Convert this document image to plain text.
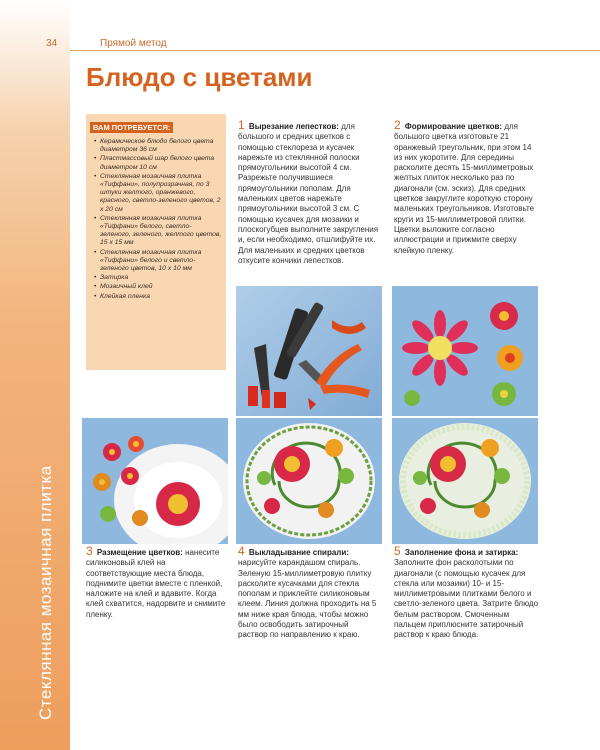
Стеклянная мозаичная плитка
34	Прямой метод
Блюдо с цветами
ВАМ ПОТРЕБУЕТСЯ:
• Керамическое блюдо белого цвета диаметром 36 см
• Пластмассовый шар белого цвета диаметром 10 см
• Стеклянная мозаичная плитка «Тиффани», полупрозрачная, по 3 штуки желтого, оранжевого, красного, светло-зеленого цветов, 2 x 20 см
• Стеклянная мозаичная плитка «Тиффани» белого, светло-зеленого, зеленого, желтого цветов, 15 x 15 мм
• Стеклянная мозаичная плитка «Тиффани» белого и светло-зеленого цветов, 10 x 10 мм
• Затирка
• Мозаичный клей
• Клейкая пленка
1 Вырезание лепестков: для большого и средних цветков с помощью стеклореза и кусачек нарежьте из стеклянной полоски прямоугольники высотой 4 см. Разрежьте получившиеся прямоугольники пополам. Для маленьких цветов нарежьте прямоугольники высотой 3 см. С помощью кусачек для мозаики и плоскогубцев выполните закругления и, если необходимо, отшлифуйте их. Для маленьких и средних цветков откусите кончики лепестков.
2 Формирование цветков: для большого цветка изготовьте 21 оранжевый треугольник, при этом 14 из них укоротите. Для середины расколите десять 15-миллиметровых желтых плиток несколько раз по диагонали (см. эскиз). Для средних цветков закруглите короткую сторону маленьких треугольников. Изготовьте круги из 15-миллиметровой плитки. Цветки выложите согласно иллюстрации и прижмите сверху клейкую пленку.
3 Размещение цветков: нанесите силиконовый клей на соответствующие места блюда, поднимите цветки вместе с пленкой, наложите на клей и вдавите. Когда клей схватится, надорвите и снимите пленку.
4 Выкладывание спирали: нарисуйте карандашом спираль. Зеленую 15-миллиметровую плитку расколите кусачками для стекла пополам и приклейте силиконовым клеем. Линия должна проходить на 5 мм ниже края блюда, чтобы можно было освободить затирочный раствор по направлению к краю.
5 Заполнение фона и затирка: Заполните фон расколотыми по диагонали (с помощью кусачек для стекла или мозаики) 10- и 15-миллиметровыми плитками белого и светло-зеленого цвета. Затрите блюдо белым раствором. Смоченным пальцем приплюсните затирочный раствор к краю блюда.
